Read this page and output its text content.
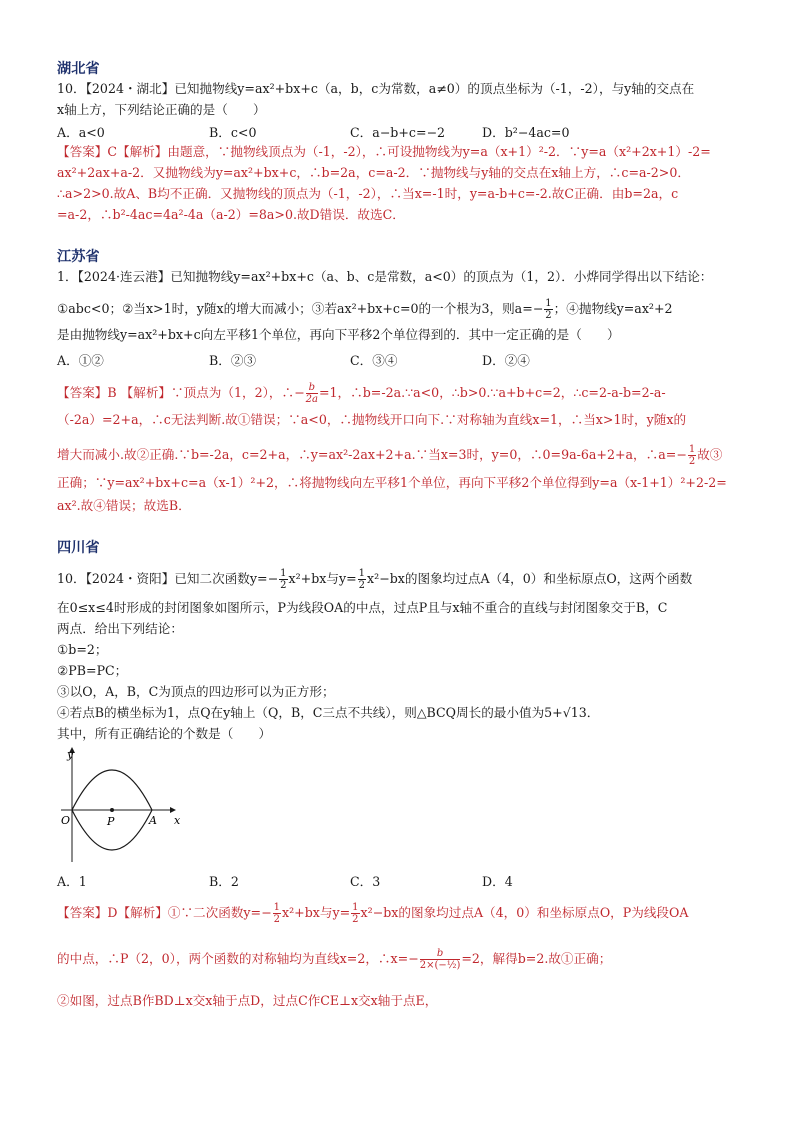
湖北省
10．【2024・湖北】已知抛物线y=ax²+bx+c（a，b，c为常数，a≠0）的顶点坐标为（-1，-2），与y轴的交点在
x轴上方，下列结论正确的是（　　）
A．a<0	B．c<0	C．a−b+c=−2	D．b²−4ac=0
【答案】C【解析】由题意，∵抛物线顶点为（-1，-2），∴可设抛物线为y=a（x+1）²-2．∵y=a（x²+2x+1）-2=
ax²+2ax+a-2．又抛物线为y=ax²+bx+c，∴b=2a，c=a-2．∵抛物线与y轴的交点在x轴上方，∴c=a-2>0．
∴a>2>0.故A、B均不正确．又抛物线的顶点为（-1，-2），∴当x=-1时，y=a-b+c=-2.故C正确．由b=2a，c
=a-2，∴b²-4ac=4a²-4a（a-2）=8a>0.故D错误．故选C．
江苏省
1．【2024·连云港】已知抛物线y=ax²+bx+c（a、b、c是常数，a<0）的顶点为（1，2）．小烨同学得出以下结论：
①abc<0；②当x>1时，y随x的增大而减小；③若ax²+bx+c=0的一个根为3，则$a=- \frac{1}{2}$ ；④抛物线y=ax²+2
是由抛物线y=ax²+bx+c向左平移1个单位，再向下平移2个单位得到的．其中一定正确的是（　　）
A．①②	B．②③	C．③④	D．②④
【答案】B 【解析】∵顶点为（1，2），∴− $\frac{b}{2a} =1$，∴b=-2a.∵a<0，∴b>0.∵a+b+c=2，∴c=2-a-b=2-a-
（-2a）=2+a，∴c无法判断.故①错误；∵a<0，∴抛物线开口向下.∵对称轴为直线x=1，∴当x>1时，y随x的
增大而减小.故②正确.∵b=-2a，c=2+a，∴y=ax²-2ax+2+a.∵当x=3时，y=0，∴0=9a-6a+2+a，∴a=− $\frac{1}{2}$ 故③
正确；∵y=ax²+bx+c=a（x-1）²+2，∴将抛物线向左平移1个单位，再向下平移2个单位得到y=a（x-1+1）²+2-2=
ax².故④错误；故选B．
四川省
10．【2024・资阳】已知二次函数$y=- \frac{1}{2} x^2+bx$与$y= \frac{1}{2} x^2-bx$的图象均过点A（4，0）和坐标原点O，这两个函数
在0≤x≤4时形成的封闭图象如图所示，P为线段OA的中点，过点P且与x轴不重合的直线与封闭图象交于B，C
两点．给出下列结论：
①b=2；
②PB=PC；
③以O，A，B，C为顶点的四边形可以为正方形；
④若点B的横坐标为1，点Q在y轴上（Q，B，C三点不共线），则△BCQ周长的最小值为5+√13．
其中，所有正确结论的个数是（　　）
y
x
O	P	A
A．1	B．2	C．3	D．4
【答案】D【解析】①∵二次函数$y=- \frac{1}{2} x^2+bx$与$y= \frac{1}{2} x^2-bx$的图象均过点A（4，0）和坐标原点O，P为线段OA
的中点，∴P（2，0），两个函数的对称轴均为直线x=2，∴x=− $\frac{b}{\text{2×(−½)}} =2$，解得b=2.故①正确；
②如图，过点B作BD⊥x交x轴于点D，过点C作CE⊥x交x轴于点E，
